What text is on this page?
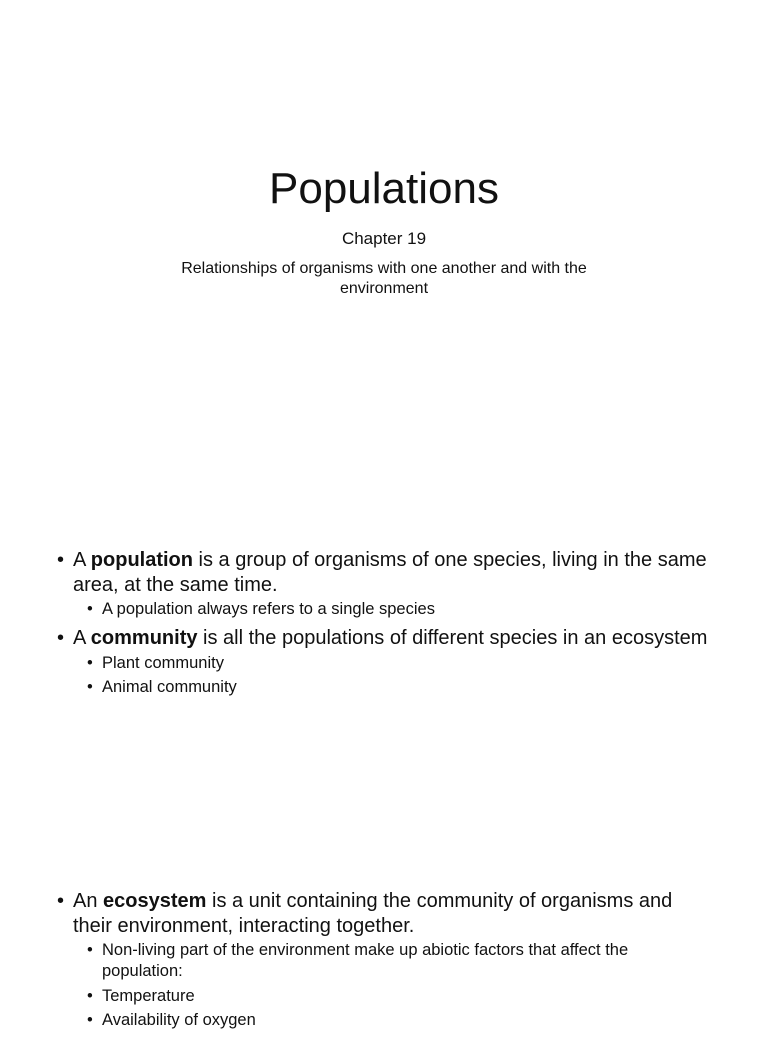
Populations
Chapter 19
Relationships of organisms with one another and with the environment
• A population is a group of organisms of one species, living in the same area, at the same time.
• A population always refers to a single species
• A community is all the populations of different species in an ecosystem
• Plant community
• Animal community
• An ecosystem is a unit containing the community of organisms and their environment, interacting together.
• Non-living part of the environment make up abiotic factors that affect the population:
• Temperature
• Availability of oxygen
